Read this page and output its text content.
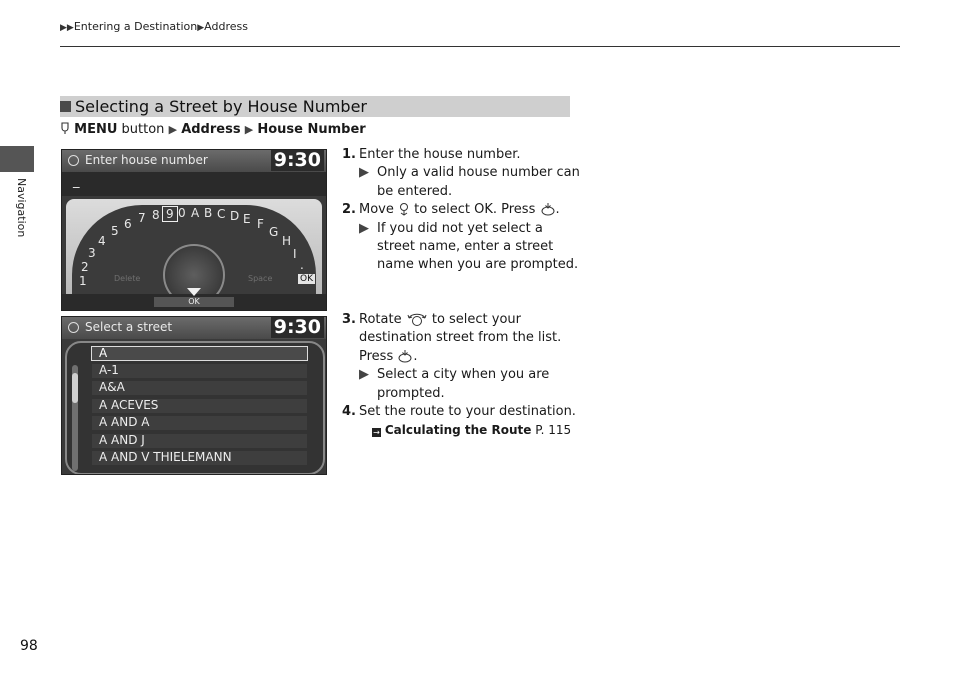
▶▶Entering a Destination▶Address
Navigation
98
Selecting a Street by House Number
MENU button ▶ Address ▶ House Number
Enter house number	9:30
_
1
2
3
4
5 6 7 8 9 0 A B C D E F
G
H
I
.
Delete	Space	OK
OK
Select a street	9:30
A
A-1
A&A
A ACEVES
A AND A
A AND J
A AND V THIELEMANN
1. Enter the house number.
▶ Only a valid house number can be entered.
2. Move to select OK. Press .
▶ If you did not yet select a street name, enter a street name when you are prompted.
3. Rotate to select your destination street from the list. Press .
▶ Select a city when you are prompted.
4. Set the route to your destination.
→ Calculating the Route P. 115
